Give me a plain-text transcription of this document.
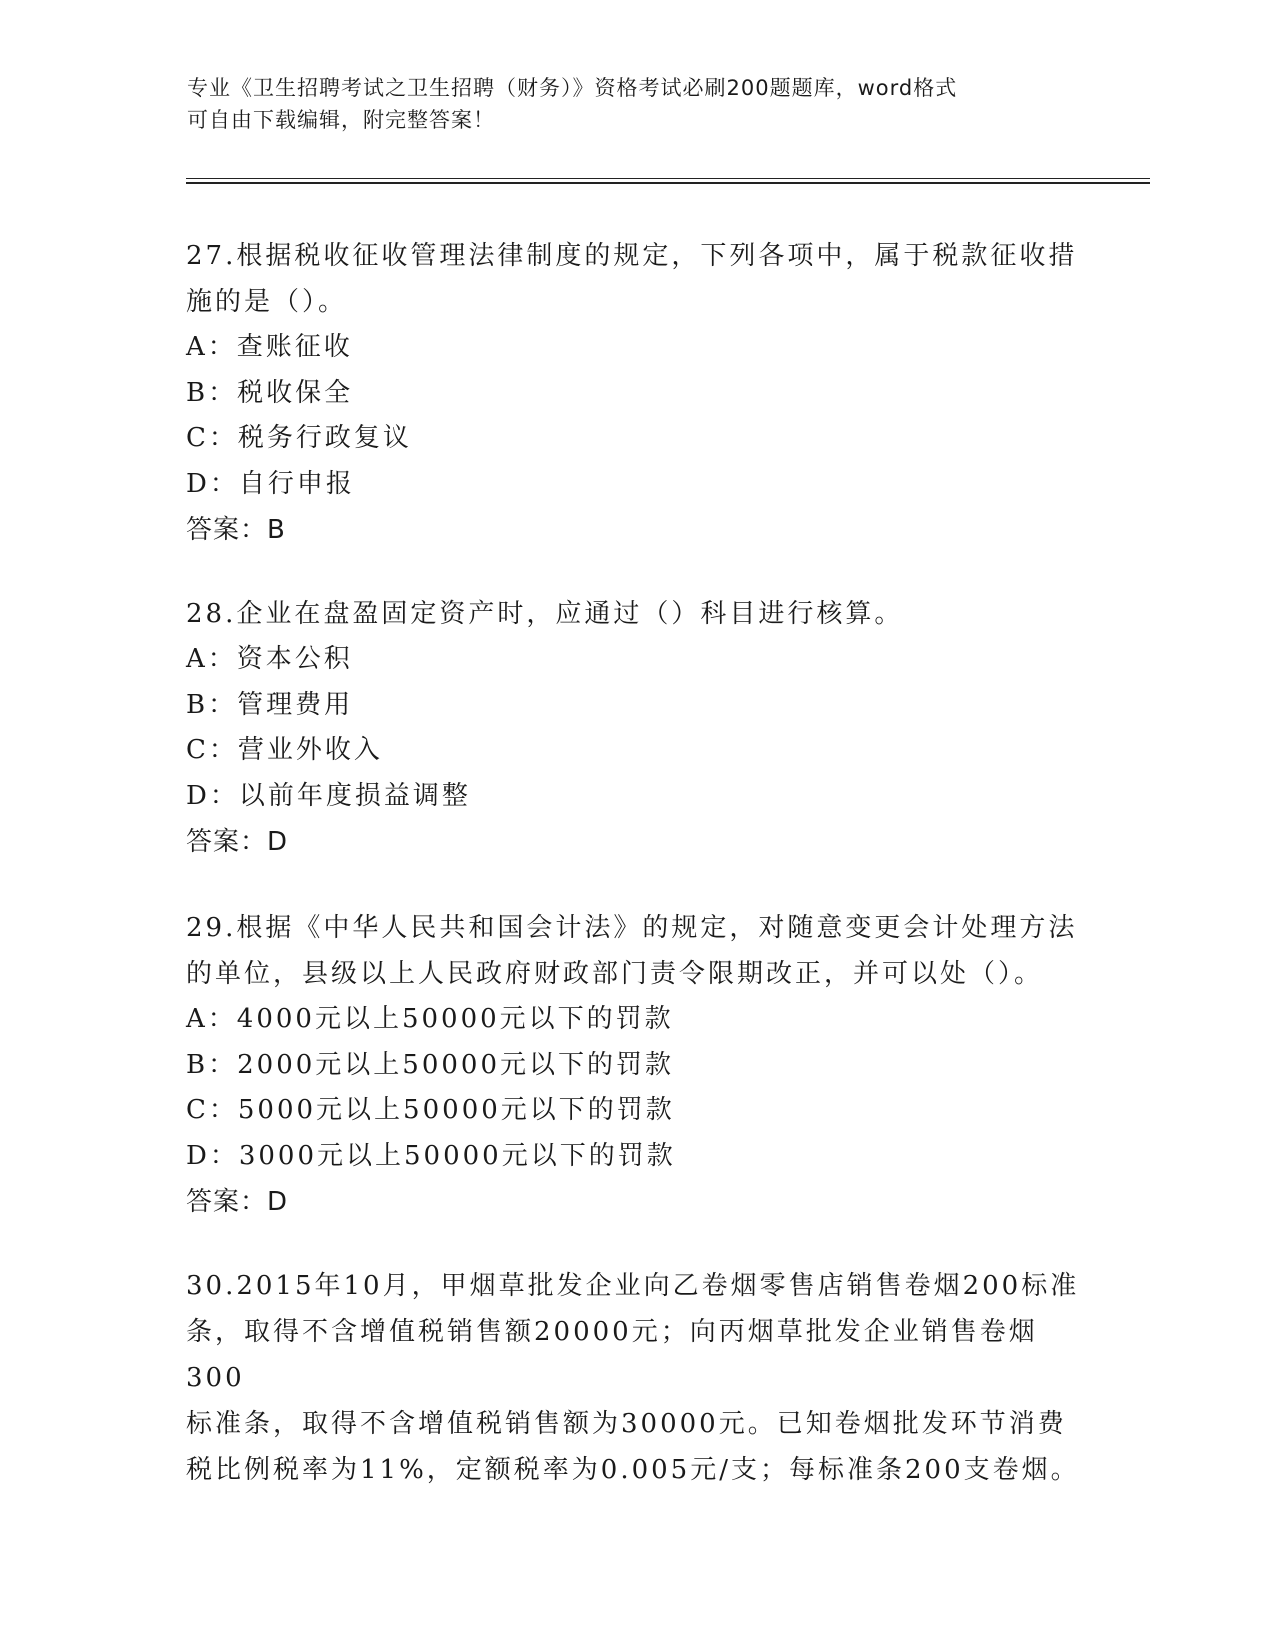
专业《卫生招聘考试之卫生招聘（财务）》资格考试必刷200题题库，word格式
可自由下载编辑，附完整答案！
27.根据税收征收管理法律制度的规定，下列各项中，属于税款征收措
施的是（）。
A：查账征收
B：税收保全
C：税务行政复议
D：自行申报
答案：B
28.企业在盘盈固定资产时，应通过（）科目进行核算。
A：资本公积
B：管理费用
C：营业外收入
D：以前年度损益调整
答案：D
29.根据《中华人民共和国会计法》的规定，对随意变更会计处理方法
的单位，县级以上人民政府财政部门责令限期改正，并可以处（）。
A：4000元以上50000元以下的罚款
B：2000元以上50000元以下的罚款
C：5000元以上50000元以下的罚款
D：3000元以上50000元以下的罚款
答案：D
30.2015年10月，甲烟草批发企业向乙卷烟零售店销售卷烟200标准
条，取得不含增值税销售额20000元；向丙烟草批发企业销售卷烟300
标准条，取得不含增值税销售额为30000元。已知卷烟批发环节消费
税比例税率为11%，定额税率为0.005元/支；每标准条200支卷烟。
